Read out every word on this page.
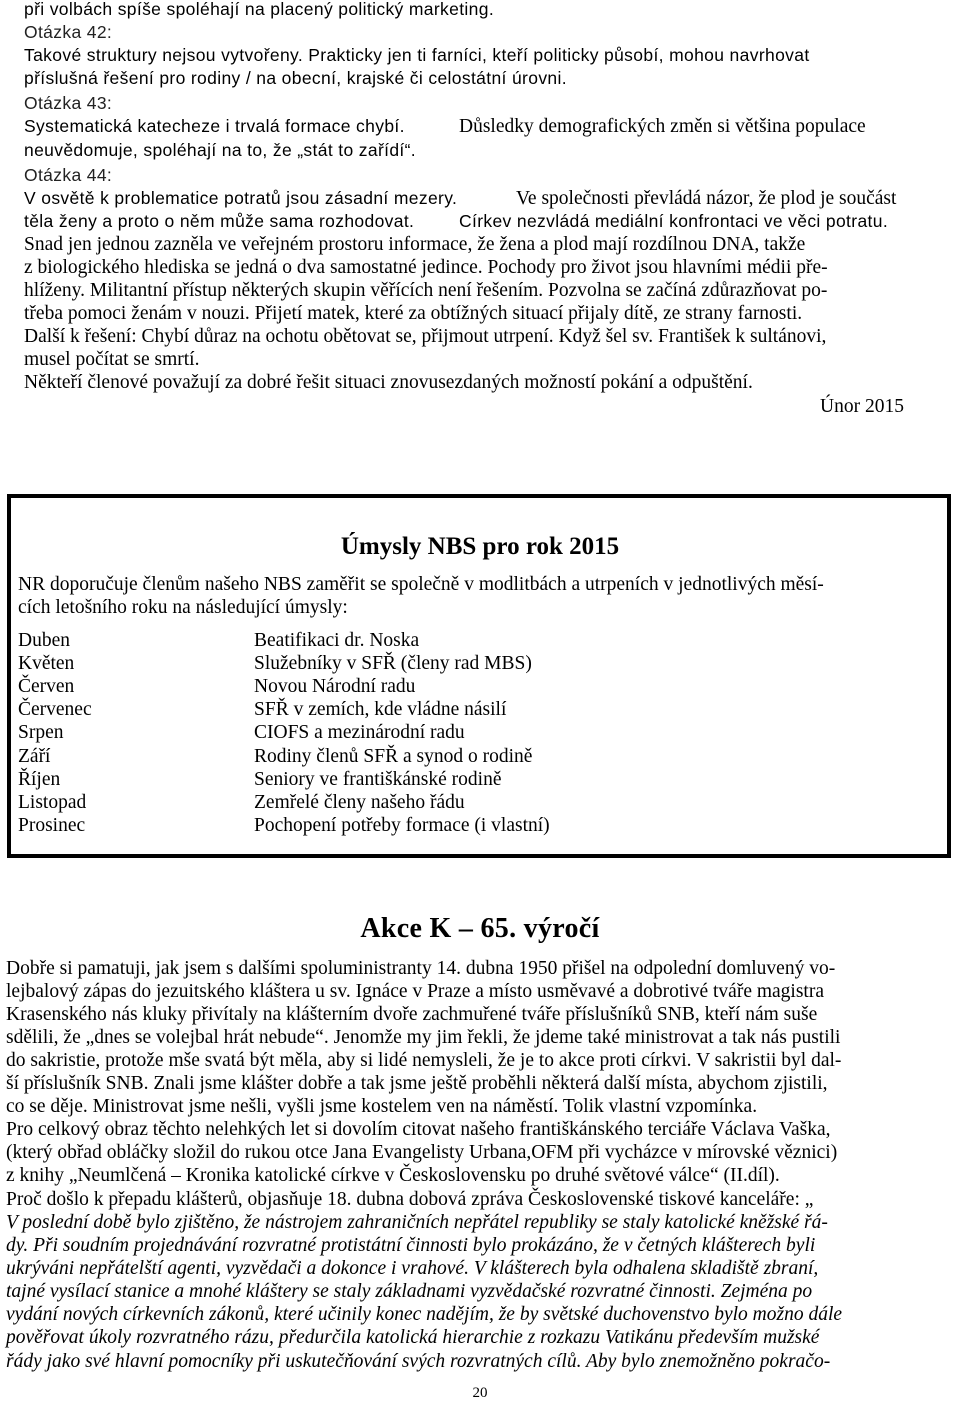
při volbách spíše spoléhají na placený politický marketing.
Otázka 42:
Takové struktury nejsou vytvořeny. Prakticky jen ti farníci, kteří politicky působí, mohou navrhovat
příslušná řešení pro rodiny / na obecní, krajské či celostátní úrovni.
Otázka 43:
Systematická katecheze i trvalá formace chybí.	Důsledky demografických změn si většina populace
neuvědomuje, spoléhají na to, že „stát to zařídí“.
Otázka 44:
V osvětě k problematice potratů jsou zásadní mezery.	Ve společnosti převládá názor, že plod je součást
těla ženy a proto o něm může sama rozhodovat.	Církev nezvládá mediální konfrontaci ve věci potratu.
Snad jen jednou zazněla ve veřejném prostoru informace, že žena a plod mají rozdílnou DNA, takže
z biologického hlediska se jedná o dva samostatné jedince. Pochody pro život jsou hlavními médii pře-
hlíženy. Militantní přístup některých skupin věřících není řešením. Pozvolna se začíná zdůrazňovat po-
třeba pomoci ženám v nouzi. Přijetí matek, které za obtížných situací přijaly dítě, ze strany farnosti.
Další k řešení: Chybí důraz na ochotu obětovat se, přijmout utrpení. Když šel sv. František k sultánovi,
musel počítat se smrtí.
Někteří členové považují za dobré řešit situaci znovusezdaných možností pokání a odpuštění.
Únor 2015
Úmysly NBS pro rok 2015
NR doporučuje členům našeho NBS zaměřit se společně v modlitbách a utrpeních v jednotlivých měsí-
cích letošního roku na následující úmysly:
Duben	Beatifikaci dr. Noska
Květen	Služebníky v SFŘ (členy rad MBS)
Červen	Novou Národní radu
Červenec	SFŘ v zemích, kde vládne násilí
Srpen	CIOFS a mezinárodní radu
Září	Rodiny členů SFŘ a synod o rodině
Říjen	Seniory ve františkánské rodině
Listopad	Zemřelé členy našeho řádu
Prosinec	Pochopení potřeby formace (i vlastní)
Akce K – 65. výročí
Dobře si pamatuji, jak jsem s dalšími spoluministranty 14. dubna 1950 přišel na odpolední domluvený vo-
lejbalový zápas do jezuitského kláštera u sv. Ignáce v Praze a místo usměvavé a dobrotivé tváře magistra
Krasenského nás kluky přivítaly na klášterním dvoře zachmuřené tváře příslušníků SNB, kteří nám suše
sdělili, že „dnes se volejbal hrát nebude“. Jenomže my jim řekli, že jdeme také ministrovat a tak nás pustili
do sakristie, protože mše svatá být měla, aby si lidé nemysleli, že je to akce proti církvi. V sakristii byl dal-
ší příslušník SNB. Znali jsme klášter dobře a tak jsme ještě proběhli některá další místa, abychom zjistili,
co se děje. Ministrovat jsme nešli, vyšli jsme kostelem ven na náměstí. Tolik vlastní vzpomínka.
Pro celkový obraz těchto nelehkých let si dovolím citovat našeho františkánského terciáře Václava Vaška,
(který obřad obláčky složil do rukou otce Jana Evangelisty Urbana,OFM při vycházce v mírovské věznici)
z knihy „Neumlčená – Kronika katolické církve v Československu po druhé světové válce“ (II.díl).
Proč došlo k přepadu klášterů, objasňuje 18. dubna dobová zpráva Československé tiskové kanceláře: „
V poslední době bylo zjištěno, že nástrojem zahraničních nepřátel republiky se staly katolické kněžské řá-
dy. Při soudním projednávání rozvratné protistátní činnosti bylo prokázáno, že v četných klášterech byli
ukrýváni nepřátelští agenti, vyzvědači a dokonce i vrahové. V klášterech byla odhalena skladiště zbraní,
tajné vysílací stanice a mnohé kláštery se staly základnami vyzvědačské rozvratné činnosti. Zejména po
vydání nových církevních zákonů, které učinily konec nadějím, že by světské duchovenstvo bylo možno dále
pověřovat úkoly rozvratného rázu, předurčila katolická hierarchie z rozkazu Vatikánu především mužské
řády jako své hlavní pomocníky při uskutečňování svých rozvratných cílů. Aby bylo znemožněno pokračo-
20
